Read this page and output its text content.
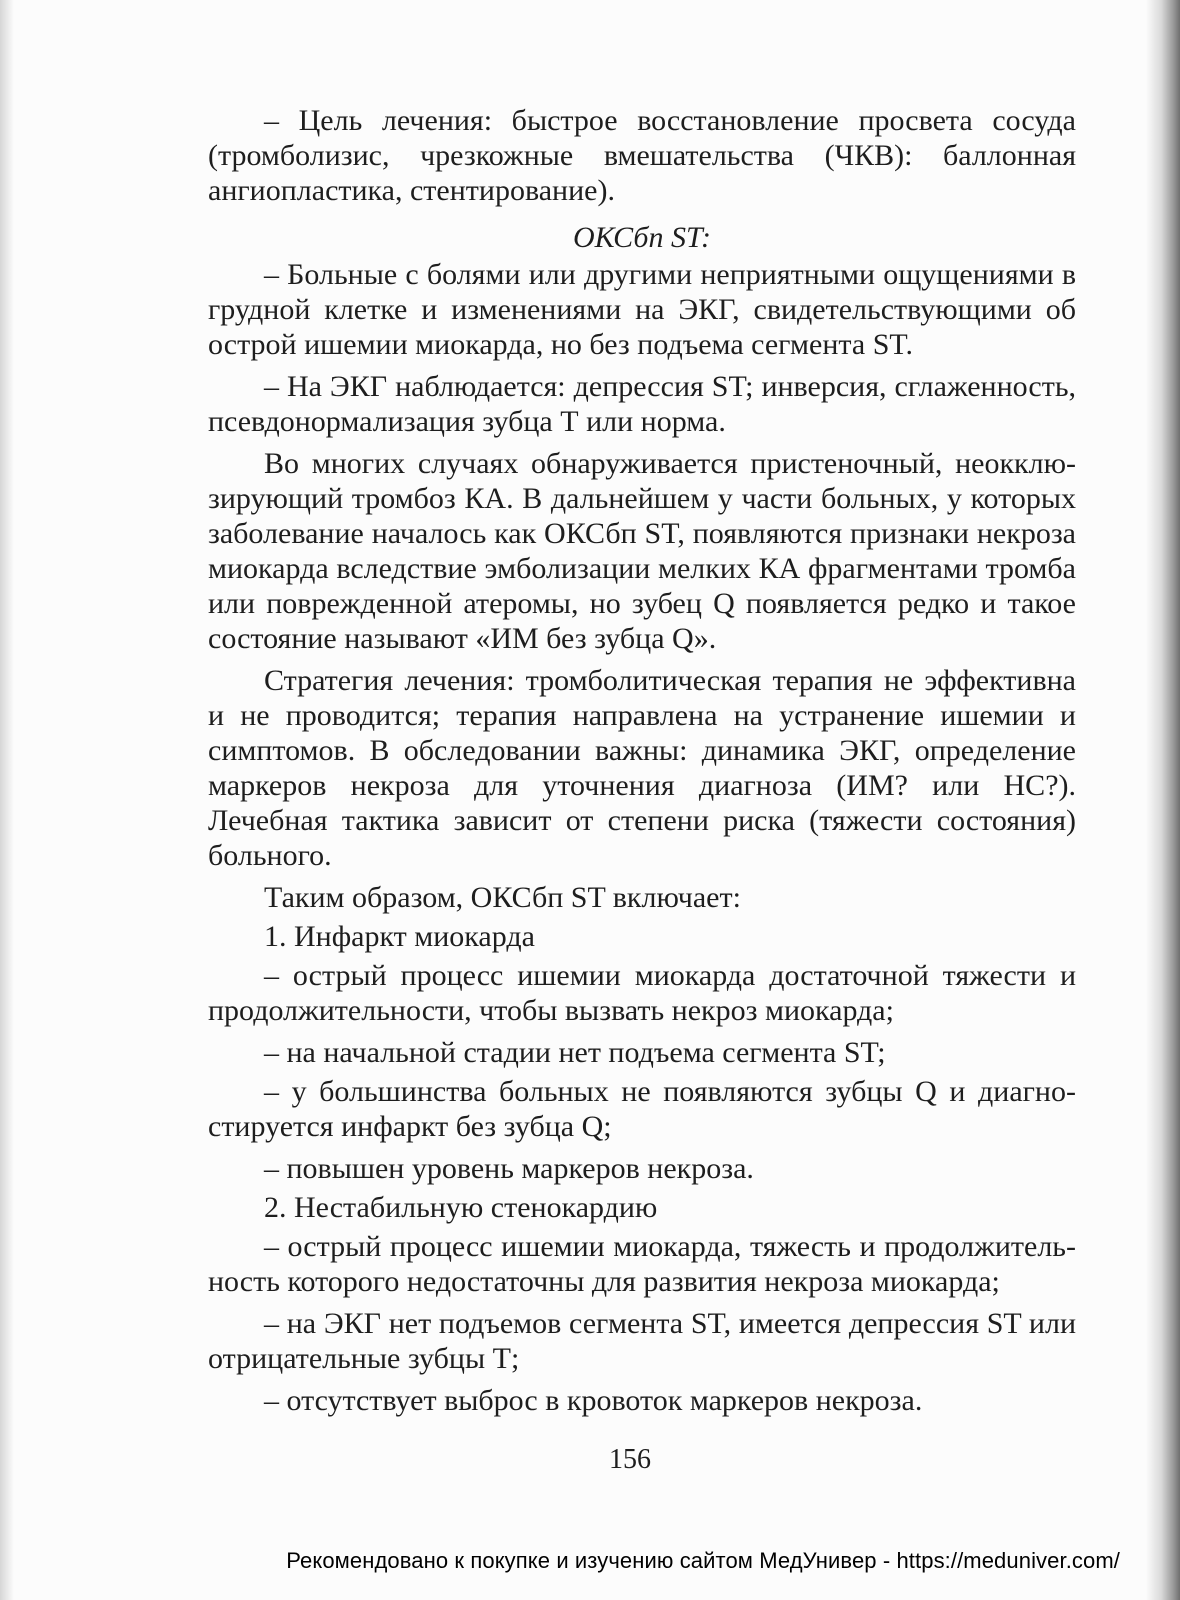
– Цель лечения: быстрое восстановление просвета сосуда (тромболизис, чрезкожные вмешательства (ЧКВ): баллонная ангиопластика, стентирование).

ОКСбп ST:

– Больные с болями или другими неприятными ощущениями в грудной клетке и изменениями на ЭКГ, свидетельствующими об острой ишемии миокарда, но без подъема сегмента ST.

– На ЭКГ наблюдается: депрессия ST; инверсия, сглаженность, псевдонормализация зубца Т или норма.

Во многих случаях обнаруживается пристеночный, неокклюзирующий тромбоз КА. В дальнейшем у части больных, у которых заболевание началось как ОКСбп ST, появляются признаки некроза миокарда вследствие эмболизации мелких КА фрагментами тромба или поврежденной атеромы, но зубец Q появляется редко и такое состояние называют «ИМ без зубца Q».

Стратегия лечения: тромболитическая терапия не эффективна и не проводится; терапия направлена на устранение ишемии и симптомов. В обследовании важны: динамика ЭКГ, определение маркеров некроза для уточнения диагноза (ИМ? или НС?). Лечебная тактика зависит от степени риска (тяжести состояния) больного.

Таким образом, ОКСбп ST включает:

1. Инфаркт миокарда

– острый процесс ишемии миокарда достаточной тяжести и продолжительности, чтобы вызвать некроз миокарда;

– на начальной стадии нет подъема сегмента ST;

– у большинства больных не появляются зубцы Q и диагностируется инфаркт без зубца Q;

– повышен уровень маркеров некроза.

2. Нестабильную стенокардию

– острый процесс ишемии миокарда, тяжесть и продолжительность которого недостаточны для развития некроза миокарда;

– на ЭКГ нет подъемов сегмента ST, имеется депрессия ST или отрицательные зубцы Т;

– отсутствует выброс в кровоток маркеров некроза.

156
Рекомендовано к покупке и изучению сайтом МедУнивер - https://meduniver.com/
